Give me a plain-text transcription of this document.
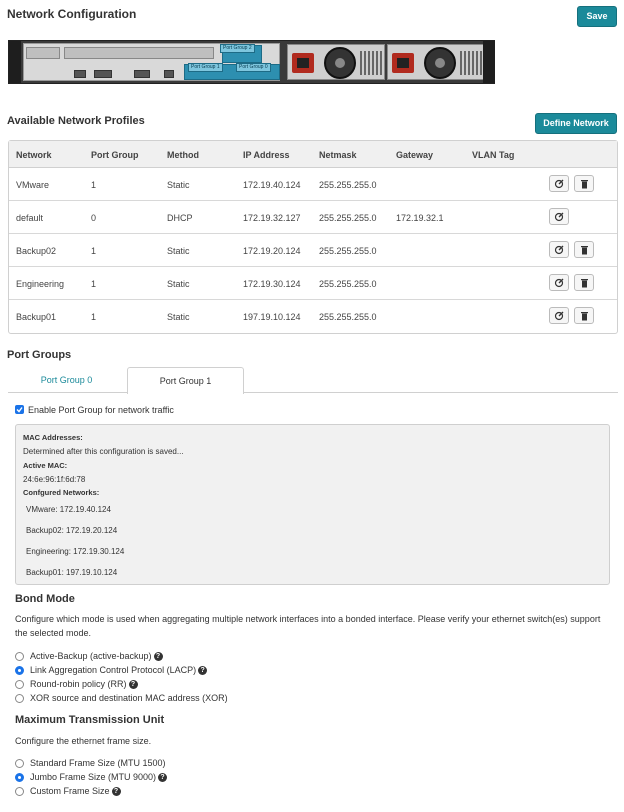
Network Configuration	Save
Port Group 2
Port Group 1	Port Group 0
Available Network Profiles	Define Network
Network	Port Group	Method	IP Address	Netmask	Gateway	VLAN Tag
VMware	1	Static	172.19.40.124 255.255.255.0
default	0	DHCP	172.19.32.127 255.255.255.0 172.19.32.1
Backup02	1	Static	172.19.20.124 255.255.255.0
Engineering	1	Static	172.19.30.124 255.255.255.0
Backup01	1	Static	197.19.10.124 255.255.255.0
Port Groups
Port Group 0	Port Group 1
Enable Port Group for network traffic
MAC Addresses:
Determined after this configuration is saved...
Active MAC:
24:6e:96:1f:6d:78
Confgured Networks:
VMware: 172.19.40.124
Backup02: 172.19.20.124
Engineering: 172.19.30.124
Backup01: 197.19.10.124
Bond Mode
Configure which mode is used when aggregating multiple network interfaces into a bonded interface. Please verify your ethernet switch(es) support the selected mode.
Active-Backup (active-backup) ?
Link Aggregation Control Protocol (LACP) ?
Round-robin policy (RR) ?
XOR source and destination MAC address (XOR)
Maximum Transmission Unit
Configure the ethernet frame size.
Standard Frame Size (MTU 1500)
Jumbo Frame Size (MTU 9000) ?
Custom Frame Size ?
